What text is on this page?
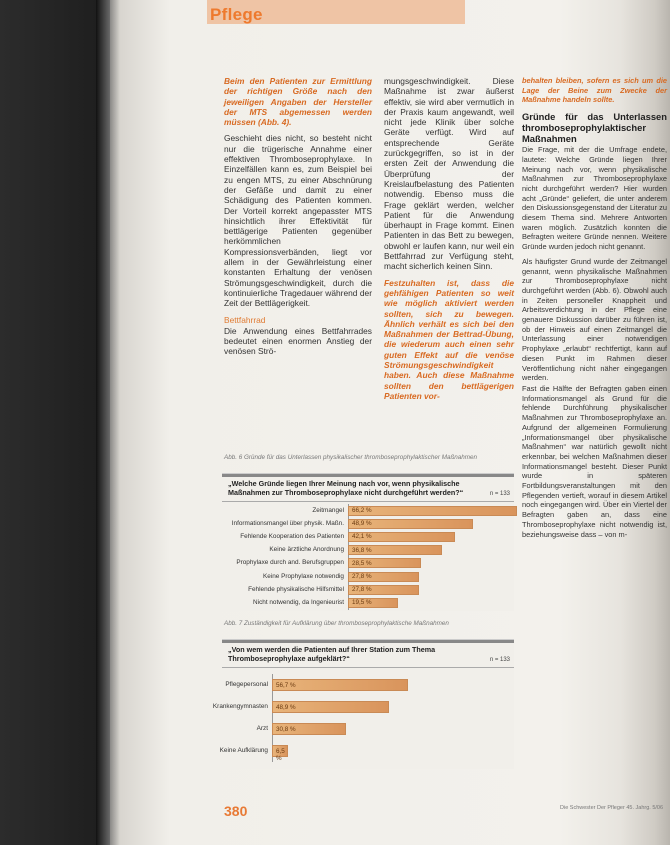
Pflege

Beim den Patienten zur Ermittlung der richtigen Größe nach den jeweiligen Angaben der Hersteller der MTS abgemessen werden müssen (Abb. 4).

Geschieht dies nicht, so besteht nicht nur die trügerische Annahme einer effektiven Thromboseprophylaxe. In Einzelfällen kann es, zum Beispiel bei zu engen MTS, zu einer Abschnürung der Gefäße und damit zu einer Schädigung des Patienten kommen. Der Vorteil korrekt angepasster MTS hinsichtlich ihrer Effektivität für bettlägerige Patienten gegenüber herkömmlichen Kompressionsverbänden, liegt vor allem in der Gewährleistung einer konstanten Erhaltung der venösen Strömungsgeschwindigkeit, durch die kontinuierliche Tragedauer während der Zeit der Bettlägerigkeit.

Bettfahrrad

Die Anwendung eines Bettfahrrades bedeutet einen enormen Anstieg der venösen Strö-

mungsgeschwindigkeit. Diese Maßnahme ist zwar äußerst effektiv, sie wird aber vermutlich in der Praxis kaum angewandt, weil nicht jede Klinik über solche Geräte verfügt. Wird auf entsprechende Geräte zurückgegriffen, so ist in der ersten Zeit der Anwendung die Überprüfung der Kreislaufbelastung des Patienten notwendig. Ebenso muss die Frage geklärt werden, welcher Patient für die Anwendung überhaupt in Frage kommt. Einen Patienten in das Bett zu bewegen, obwohl er laufen kann, nur weil ein Bettfahrrad zur Verfügung steht, macht sicherlich keinen Sinn.

Festzuhalten ist, dass die gehfähigen Patienten so weit wie möglich aktiviert werden sollten, sich zu bewegen. Ähnlich verhält es sich bei den Maßnahmen der Bettrad-Übung, die wiederum auch einen sehr guten Effekt auf die venöse Strömungsgeschwindigkeit haben. Auch diese Maßnahme sollten den bettlägerigen Patienten vor-

behalten bleiben, sofern es sich um die Lage der Beine zum Zwecke der Maßnahme handeln sollte.

Gründe für das Unterlassen thromboseprophylaktischer Maßnahmen

Die Frage, mit der die Umfrage endete, lautete: Welche Gründe liegen Ihrer Meinung nach vor, wenn physikalische Maßnahmen zur Thromboseprophylaxe nicht durchgeführt werden? Hier wurden acht „Gründe“ geliefert, die unter anderem den Diskussionsgegenstand der Literatur zu diesem Thema sind. Mehrere Antworten waren möglich. Zusätzlich konnten die Befragten weitere Gründe nennen. Weitere Gründe wurden jedoch nicht genannt.

Als häufigster Grund wurde der Zeitmangel genannt, wenn physikalische Maßnahmen zur Thromboseprophylaxe nicht durchgeführt werden (Abb. 6). Obwohl auch in Zeiten personeller Knappheit und Arbeitsverdichtung in der Pflege eine genauere Diskussion darüber zu führen ist, ob der Hinweis auf einen Zeitmangel die Unterlassung einer notwendigen Prophylaxe „erlaubt“ rechtfertigt, kann auf diesen Punkt im Rahmen dieser Veröffentlichung nicht näher eingegangen werden.

Fast die Hälfte der Befragten gaben einen Informationsmangel als Grund für die fehlende Durchführung physikalischer Maßnahmen zur Thromboseprophylaxe an. Aufgrund der allgemeinen Formulierung „Informationsmangel über physikalische Maßnahmen“ war natürlich gewollt nicht erkennbar, bei welchen Maßnahmen dieser Informationsmangel besteht. Dieser Punkt wurde in späteren Fortbildungsveranstaltungen mit den Pflegenden vertieft, worauf in diesem Artikel noch eingegangen wird. Über ein Viertel der Befragten gaben an, dass eine Thromboseprophylaxe nicht notwendig ist, beziehungsweise dass – von m-

Abb. 6 Gründe für das Unterlassen physikalischer thromboseprophylaktischer Maßnahmen
„Welche Gründe liegen Ihrer Meinung nach vor, wenn physikalische Maßnahmen zur Thromboseprophylaxe nicht durchgeführt werden?“	n = 133
Zeitmangel 66,2 %
Informationsmangel über physik. Maßn. 48,9 %
Fehlende Kooperation des Patienten 42,1 %
Keine ärztliche Anordnung 36,8 %
Prophylaxe durch and. Berufsgruppen 28,5 %
Keine Prophylaxe notwendig 27,8 %
Fehlende physikalische Hilfsmittel 27,8 %
Nicht notwendig, da Ingenieurist 19,5 %
Abb. 7 Zuständigkeit für Aufklärung über thromboseprophylaktische Maßnahmen
„Von wem werden die Patienten auf Ihrer Station zum Thema Thromboseprophylaxe aufgeklärt?“	n = 133
Pflegepersonal 56,7 %
Krankengymnasten 48,9 %
Arzt 30,8 %
Keine Aufklärung 6,5 %
380	Die Schwester Der Pfleger 45. Jahrg. 5/06
